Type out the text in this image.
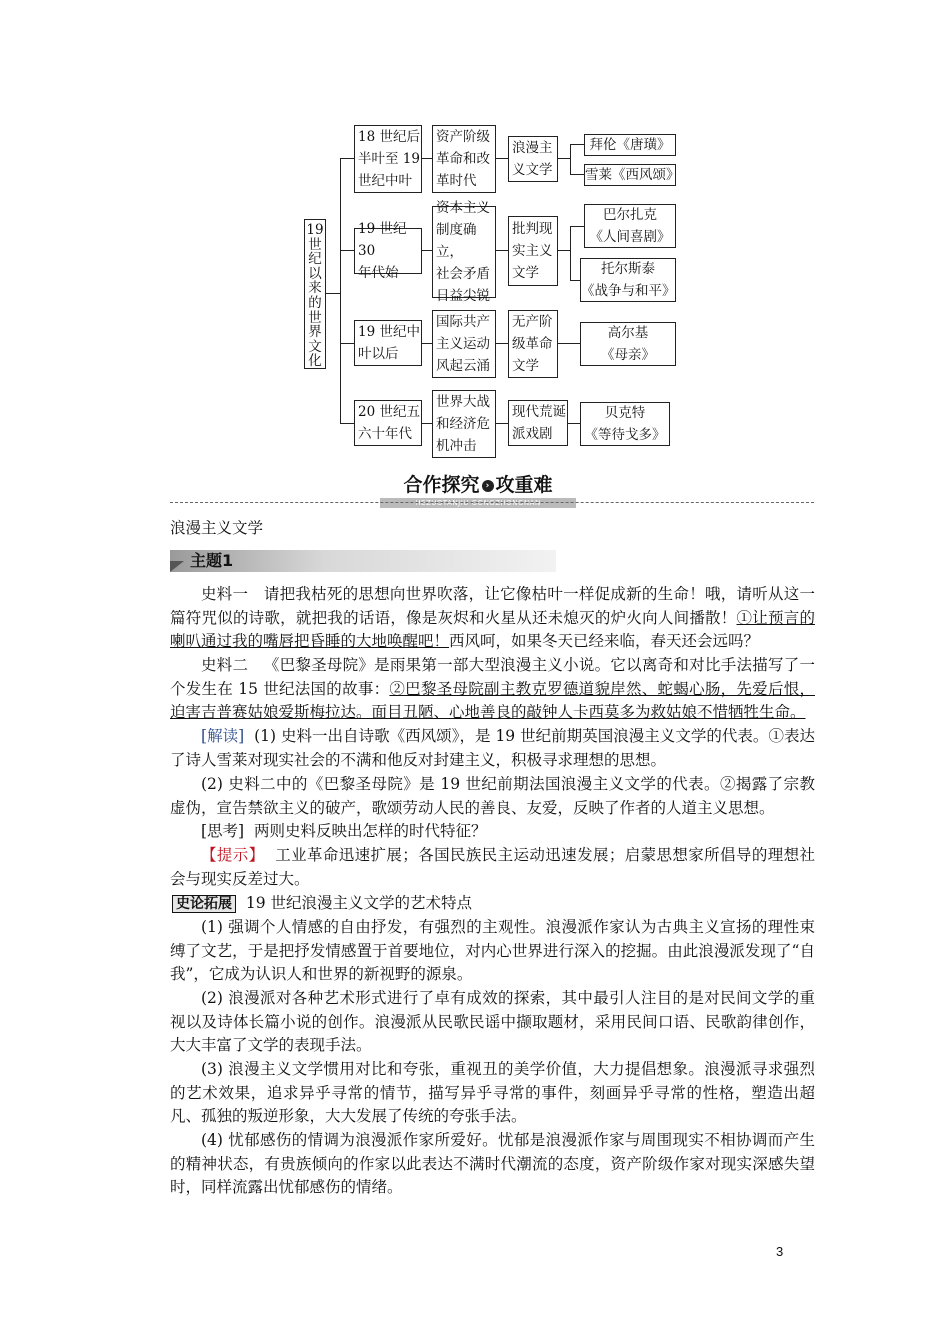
19
世
纪
以
来
的
世
界
文
化
18 世纪后
半叶至 19
世纪中叶
资产阶级
革命和改
革时代
浪漫主
义文学
拜伦《唐璜》
雪莱《西风颂》
19 世纪 30
年代始
资本主义
制度确立，
社会矛盾
日益尖锐
批判现
实主义
文学
巴尔扎克
《人间喜剧》
托尔斯泰
《战争与和平》
19 世纪中
叶以后
国际共产
主义运动
风起云涌
无产阶
级革命
文学
高尔基
《母亲》
20 世纪五
六十年代
世界大战
和经济危
机冲击
现代荒诞
派戏剧
贝克特
《等待戈多》
合作探究 › 攻重难
HEZUOTANJIU GONGZHONGNAN
浪漫主义文学
主题1
史料一 请把我枯死的思想向世界吹落，让它像枯叶一样促成新的生命！哦，请听从这一篇符咒似的诗歌，就把我的话语，像是灰烬和火星从还未熄灭的炉火向人间播散！①让预言的喇叭通过我的嘴唇把昏睡的大地唤醒吧！西风呵，如果冬天已经来临，春天还会远吗？
史料二 《巴黎圣母院》是雨果第一部大型浪漫主义小说。它以离奇和对比手法描写了一个发生在 15 世纪法国的故事：②巴黎圣母院副主教克罗德道貌岸然、蛇蝎心肠，先爱后恨，迫害吉普赛姑娘爱斯梅拉达。面目丑陋、心地善良的敲钟人卡西莫多为救姑娘不惜牺牲生命。
[解读] (1) 史料一出自诗歌《西风颂》，是 19 世纪前期英国浪漫主义文学的代表。①表达了诗人雪莱对现实社会的不满和他反对封建主义，积极寻求理想的思想。
(2) 史料二中的《巴黎圣母院》是 19 世纪前期法国浪漫主义文学的代表。②揭露了宗教虚伪，宣告禁欲主义的破产，歌颂劳动人民的善良、友爱，反映了作者的人道主义思想。
[思考] 两则史料反映出怎样的时代特征？
【提示】 工业革命迅速扩展；各国民族民主运动迅速发展；启蒙思想家所倡导的理想社会与现实反差过大。
史论拓展 19 世纪浪漫主义文学的艺术特点
(1) 强调个人情感的自由抒发，有强烈的主观性。浪漫派作家认为古典主义宣扬的理性束缚了文艺，于是把抒发情感置于首要地位，对内心世界进行深入的挖掘。由此浪漫派发现了“自我”，它成为认识人和世界的新视野的源泉。
(2) 浪漫派对各种艺术形式进行了卓有成效的探索，其中最引人注目的是对民间文学的重视以及诗体长篇小说的创作。浪漫派从民歌民谣中撷取题材，采用民间口语、民歌韵律创作，大大丰富了文学的表现手法。
(3) 浪漫主义文学惯用对比和夸张，重视丑的美学价值，大力提倡想象。浪漫派寻求强烈的艺术效果，追求异乎寻常的情节，描写异乎寻常的事件，刻画异乎寻常的性格，塑造出超凡、孤独的叛逆形象，大大发展了传统的夸张手法。
(4) 忧郁感伤的情调为浪漫派作家所爱好。忧郁是浪漫派作家与周围现实不相协调而产生的精神状态，有贵族倾向的作家以此表达不满时代潮流的态度，资产阶级作家对现实深感失望时，同样流露出忧郁感伤的情绪。
3
